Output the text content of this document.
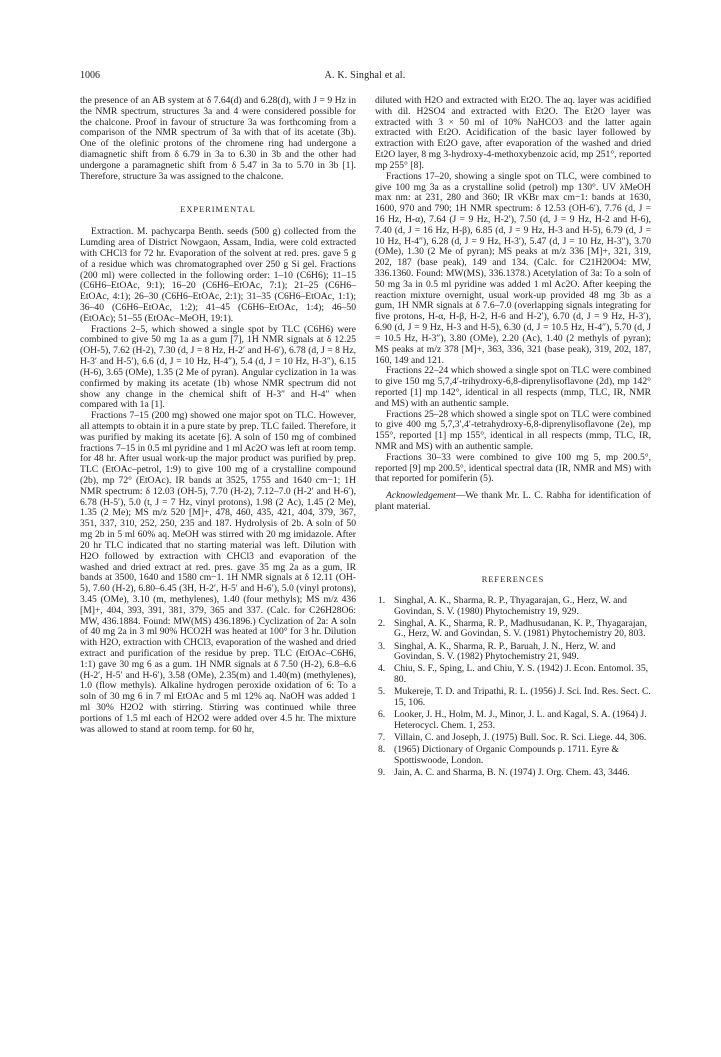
1006	A. K. Singhal et al.

the presence of an AB system at δ 7.64(d) and 6.28(d), with J = 9 Hz in the NMR spectrum, structures 3a and 4 were considered possible for the chalcone. Proof in favour of structure 3a was forthcoming from a comparison of the NMR spectrum of 3a with that of its acetate (3b). One of the olefinic protons of the chromene ring had undergone a diamagnetic shift from δ 6.79 in 3a to 6.30 in 3b and the other had undergone a paramagnetic shift from δ 5.47 in 3a to 5.70 in 3b [1]. Therefore, structure 3a was assigned to the chalcone.

EXPERIMENTAL

Extraction. M. pachycarpa Benth. seeds (500 g) collected from the Lumding area of District Nowgaon, Assam, India, were cold extracted with CHCl3 for 72 hr. Evaporation of the solvent at red. pres. gave 5 g of a residue which was chromatographed over 250 g Si gel. Fractions (200 ml) were collected in the following order: 1–10 (C6H6); 11–15 (C6H6–EtOAc, 9:1); 16–20 (C6H6–EtOAc, 7:1); 21–25 (C6H6–EtOAc, 4:1); 26–30 (C6H6–EtOAc, 2:1); 31–35 (C6H6–EtOAc, 1:1); 36–40 (C6H6–EtOAc, 1:2); 41–45 (C6H6–EtOAc, 1:4); 46–50 (EtOAc); 51–55 (EtOAc–MeOH, 19:1).

Fractions 2–5, which showed a single spot by TLC (C6H6) were combined to give 50 mg 1a as a gum [7], 1H NMR signals at δ 12.25 (OH-5), 7.62 (H-2), 7.30 (d, J = 8 Hz, H-2′ and H-6′), 6.78 (d, J = 8 Hz, H-3′ and H-5′), 6.6 (d, J = 10 Hz, H-4″), 5.4 (d, J = 10 Hz, H-3″), 6.15 (H-6), 3.65 (OMe), 1.35 (2 Me of pyran). Angular cyclization in 1a was confirmed by making its acetate (1b) whose NMR spectrum did not show any change in the chemical shift of H-3″ and H-4″ when compared with 1a [1].

Fractions 7–15 (200 mg) showed one major spot on TLC. However, all attempts to obtain it in a pure state by prep. TLC failed. Therefore, it was purified by making its acetate [6]. A soln of 150 mg of combined fractions 7–15 in 0.5 ml pyridine and 1 ml Ac2O was left at room temp. for 48 hr. After usual work-up the major product was purified by prep. TLC (EtOAc–petrol, 1:9) to give 100 mg of a crystalline compound (2b), mp 72° (EtOAc). IR bands at 3525, 1755 and 1640 cm−1; 1H NMR spectrum: δ 12.03 (OH-5), 7.70 (H-2), 7.12–7.0 (H-2′ and H-6′), 6.78 (H-5′), 5.0 (t, J = 7 Hz, vinyl protons), 1.98 (2 Ac), 1.45 (2 Me), 1.35 (2 Me); MS m/z 520 [M]+, 478, 460, 435, 421, 404, 379, 367, 351, 337, 310, 252, 250, 235 and 187. Hydrolysis of 2b. A soln of 50 mg 2b in 5 ml 60% aq. MeOH was stirred with 20 mg imidazole. After 20 hr TLC indicated that no starting material was left. Dilution with H2O followed by extraction with CHCl3 and evaporation of the washed and dried extract at red. pres. gave 35 mg 2a as a gum, IR bands at 3500, 1640 and 1580 cm−1. 1H NMR signals at δ 12.11 (OH-5), 7.60 (H-2), 6.80–6.45 (3H, H-2′, H-5′ and H-6′), 5.0 (vinyl protons), 3.45 (OMe), 3.10 (m, methylenes), 1.40 (four methyls); MS m/z 436 [M]+, 404, 393, 391, 381, 379, 365 and 337. (Calc. for C26H28O6: MW, 436.1884. Found: MW(MS) 436.1896.) Cyclization of 2a: A soln of 40 mg 2a in 3 ml 90% HCO2H was heated at 100° for 3 hr. Dilution with H2O, extraction with CHCl3, evaporation of the washed and dried extract and purification of the residue by prep. TLC (EtOAc–C6H6, 1:1) gave 30 mg 6 as a gum. 1H NMR signals at δ 7.50 (H-2), 6.8–6.6 (H-2′, H-5′ and H-6′), 3.58 (OMe), 2.35(m) and 1.40(m) (methylenes), 1.0 (flow methyls). Alkaline hydrogen peroxide oxidation of 6: To a soln of 30 mg 6 in 7 ml EtOAc and 5 ml 12% aq. NaOH was added 1 ml 30% H2O2 with stirring. Stirring was continued while three portions of 1.5 ml each of H2O2 were added over 4.5 hr. The mixture was allowed to stand at room temp. for 60 hr,

diluted with H2O and extracted with Et2O. The aq. layer was acidified with dil. H2SO4 and extracted with Et2O. The Et2O layer was extracted with 3 × 50 ml of 10% NaHCO3 and the latter again extracted with Et2O. Acidification of the basic layer followed by extraction with Et2O gave, after evaporation of the washed and dried Et2O layer, 8 mg 3-hydroxy-4-methoxybenzoic acid, mp 251°, reported mp 255° [8].

Fractions 17–20, showing a single spot on TLC, were combined to give 100 mg 3a as a crystalline solid (petrol) mp 130°. UV λMeOH max nm: at 231, 280 and 360; IR νKBr max cm−1: bands at 1630, 1600, 970 and 790; 1H NMR spectrum: δ 12.53 (OH-6′), 7.76 (d, J = 16 Hz, H-α), 7.64 (J = 9 Hz, H-2′), 7.50 (d, J = 9 Hz, H-2 and H-6), 7.40 (d, J = 16 Hz, H-β), 6.85 (d, J = 9 Hz, H-3 and H-5), 6.79 (d, J = 10 Hz, H-4″), 6.28 (d, J = 9 Hz, H-3′), 5.47 (d, J = 10 Hz, H-3″), 3.70 (OMe), 1.30 (2 Me of pyran); MS peaks at m/z 336 [M]+, 321, 319, 202, 187 (base peak), 149 and 134. (Calc. for C21H20O4: MW, 336.1360. Found: MW(MS), 336.1378.) Acetylation of 3a: To a soln of 50 mg 3a in 0.5 ml pyridine was added 1 ml Ac2O. After keeping the reaction mixture overnight, usual work-up provided 48 mg 3b as a gum, 1H NMR signals at δ 7.6–7.0 (overlapping signals integrating for five protons, H-α, H-β, H-2, H-6 and H-2′), 6.70 (d, J = 9 Hz, H-3′), 6.90 (d, J = 9 Hz, H-3 and H-5), 6.30 (d, J = 10.5 Hz, H-4″), 5.70 (d, J = 10.5 Hz, H-3″), 3.80 (OMe), 2.20 (Ac), 1.40 (2 methyls of pyran); MS peaks at m/z 378 [M]+, 363, 336, 321 (base peak), 319, 202, 187, 160, 149 and 121.

Fractions 22–24 which showed a single spot on TLC were combined to give 150 mg 5,7,4′-trihydroxy-6,8-diprenylisoflavone (2d), mp 142° reported [1] mp 142°, identical in all respects (mmp, TLC, IR, NMR and MS) with an authentic sample.

Fractions 25–28 which showed a single spot on TLC were combined to give 400 mg 5,7,3′,4′-tetrahydroxy-6,8-diprenylisoflavone (2e), mp 155°, reported [1] mp 155°, identical in all respects (mmp, TLC, IR, NMR and MS) with an authentic sample.

Fractions 30–33 were combined to give 100 mg 5, mp 200.5°, reported [9] mp 200.5°, identical spectral data (IR, NMR and MS) with that reported for pomiferin (5).

Acknowledgement—We thank Mr. L. C. Rabha for identification of plant material.

REFERENCES
1. Singhal, A. K., Sharma, R. P., Thyagarajan, G., Herz, W. and Govindan, S. V. (1980) Phytochemistry 19, 929.
2. Singhal, A. K., Sharma, R. P., Madhusudanan, K. P., Thyagarajan, G., Herz, W. and Govindan, S. V. (1981) Phytochemistry 20, 803.
3. Singhal, A. K., Sharma, R. P., Baruah, J. N., Herz, W. and Govindan, S. V. (1982) Phytochemistry 21, 949.
4. Chiu, S. F., Sping, L. and Chiu, Y. S. (1942) J. Econ. Entomol. 35, 80.
5. Mukereje, T. D. and Tripathi, R. L. (1956) J. Sci. Ind. Res. Sect. C. 15, 106.
6. Looker, J. H., Holm, M. J., Minor, J. L. and Kagal, S. A. (1964) J. Heterocycl. Chem. 1, 253.
7. Villain, C. and Joseph, J. (1975) Bull. Soc. R. Sci. Liege. 44, 306.
8. (1965) Dictionary of Organic Compounds p. 1711. Eyre & Spottiswoode, London.
9. Jain, A. C. and Sharma, B. N. (1974) J. Org. Chem. 43, 3446.
